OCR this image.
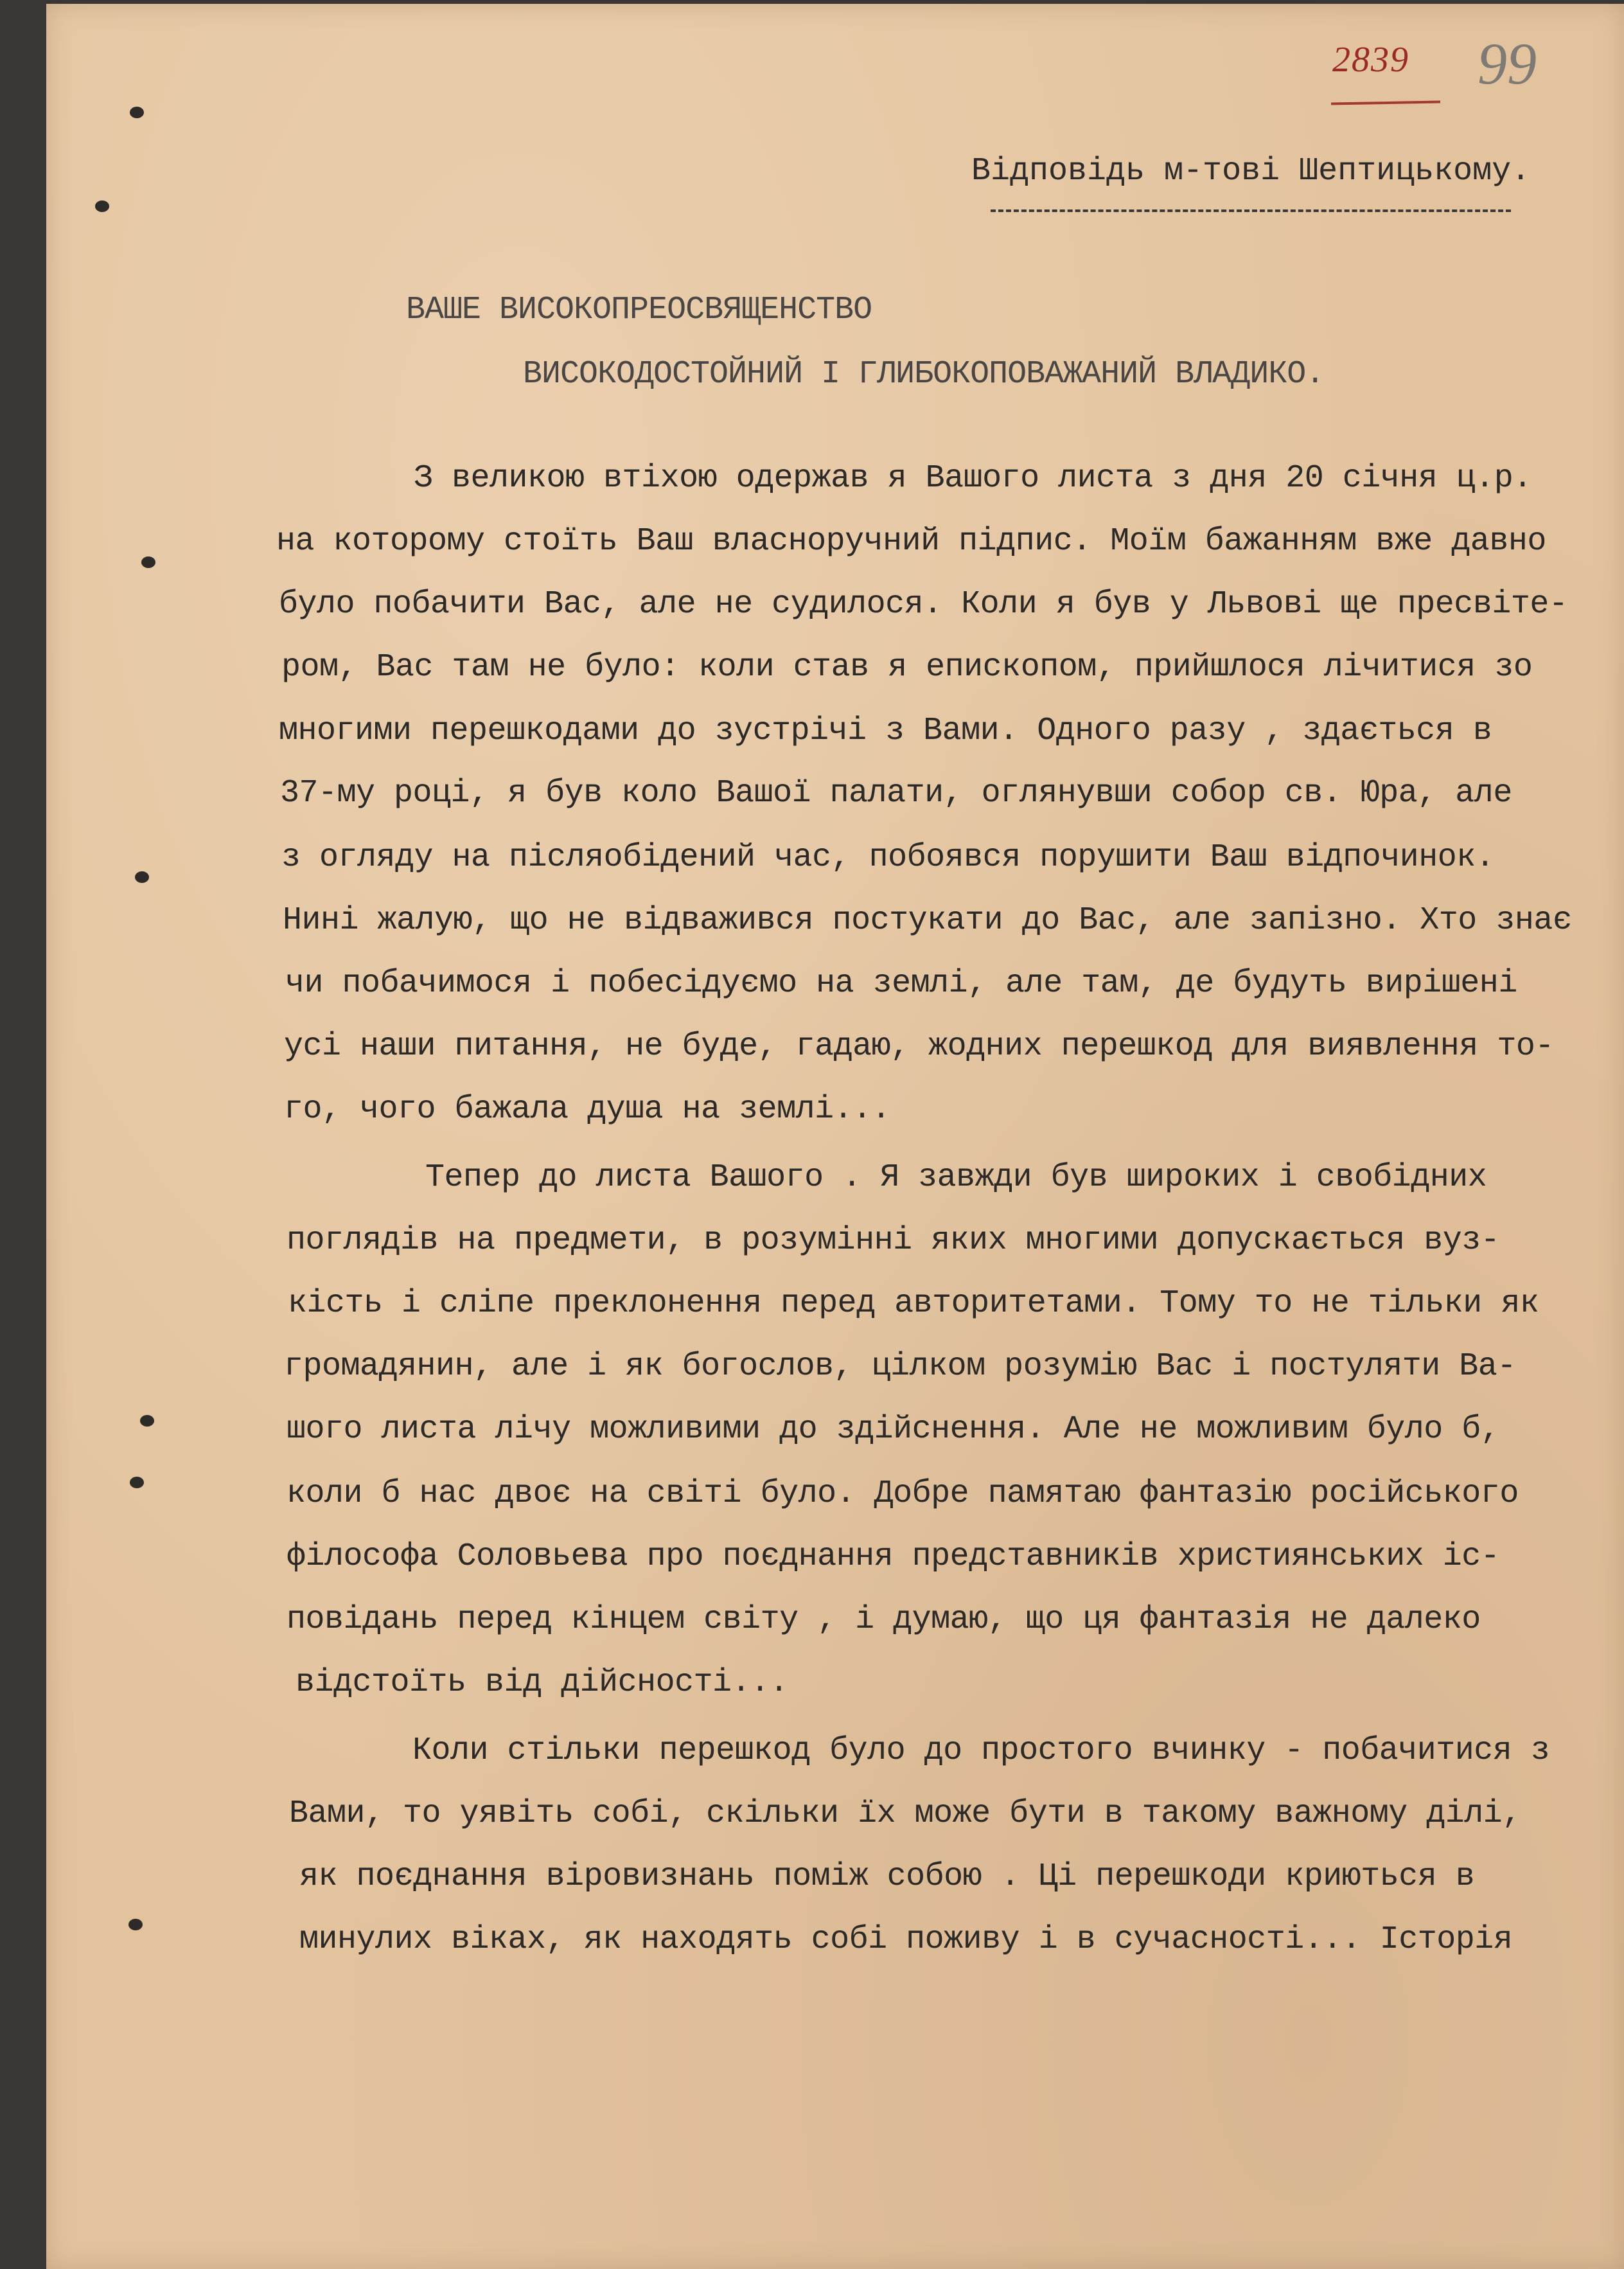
2839 99
Відповідь м-тові Шептицькому.
ВАШЕ ВИСОКОПРЕОСВЯЩЕНСТВО
ВИСОКОДОСТОЙНИЙ І ГЛИБОКОПОВАЖАНИЙ ВЛАДИКО.
З великою втіхою одержав я Вашого листа з дня 20 січня ц.р.
на которому стоїть Ваш власноручний підпис. Моїм бажанням вже давно
було побачити Вас, але не судилося. Коли я був у Львові ще пресвіте-
ром, Вас там не було: коли став я епископом, прийшлося лічитися зо
многими перешкодами до зустрічі з Вами. Одного разу , здається в
37-му році, я був коло Вашої палати, оглянувши собор св. Юра, але
з огляду на післяобідений час, побоявся порушити Ваш відпочинок.
Нині жалую, що не відважився постукати до Вас, але запізно. Хто знає
чи побачимося і побесідуємо на землі, але там, де будуть вирішені
усі наши питання, не буде, гадаю, жодних перешкод для виявлення то-
го, чого бажала душа на землі...
Тепер до листа Вашого . Я завжди був широких і свобідних
поглядів на предмети, в розумінні яких многими допускається вуз-
кість і сліпе преклонення перед авторитетами. Тому то не тільки як
громадянин, але і як богослов, цілком розумію Вас і постуляти Ва-
шого листа лічу можливими до здійснення. Але не можливим було б,
коли б нас двоє на світі було. Добре памятаю фантазію російського
філософа Соловьева про поєднання представників християнських іс-
повідань перед кінцем світу , і думаю, що ця фантазія не далеко
відстоїть від дійсності...
Коли стільки перешкод було до простого вчинку - побачитися з
Вами, то уявіть собі, скільки їх може бути в такому важному ділі,
як поєднання віровизнань поміж собою . Ці перешкоди криються в
минулих віках, як находять собі поживу і в сучасності... Історія
